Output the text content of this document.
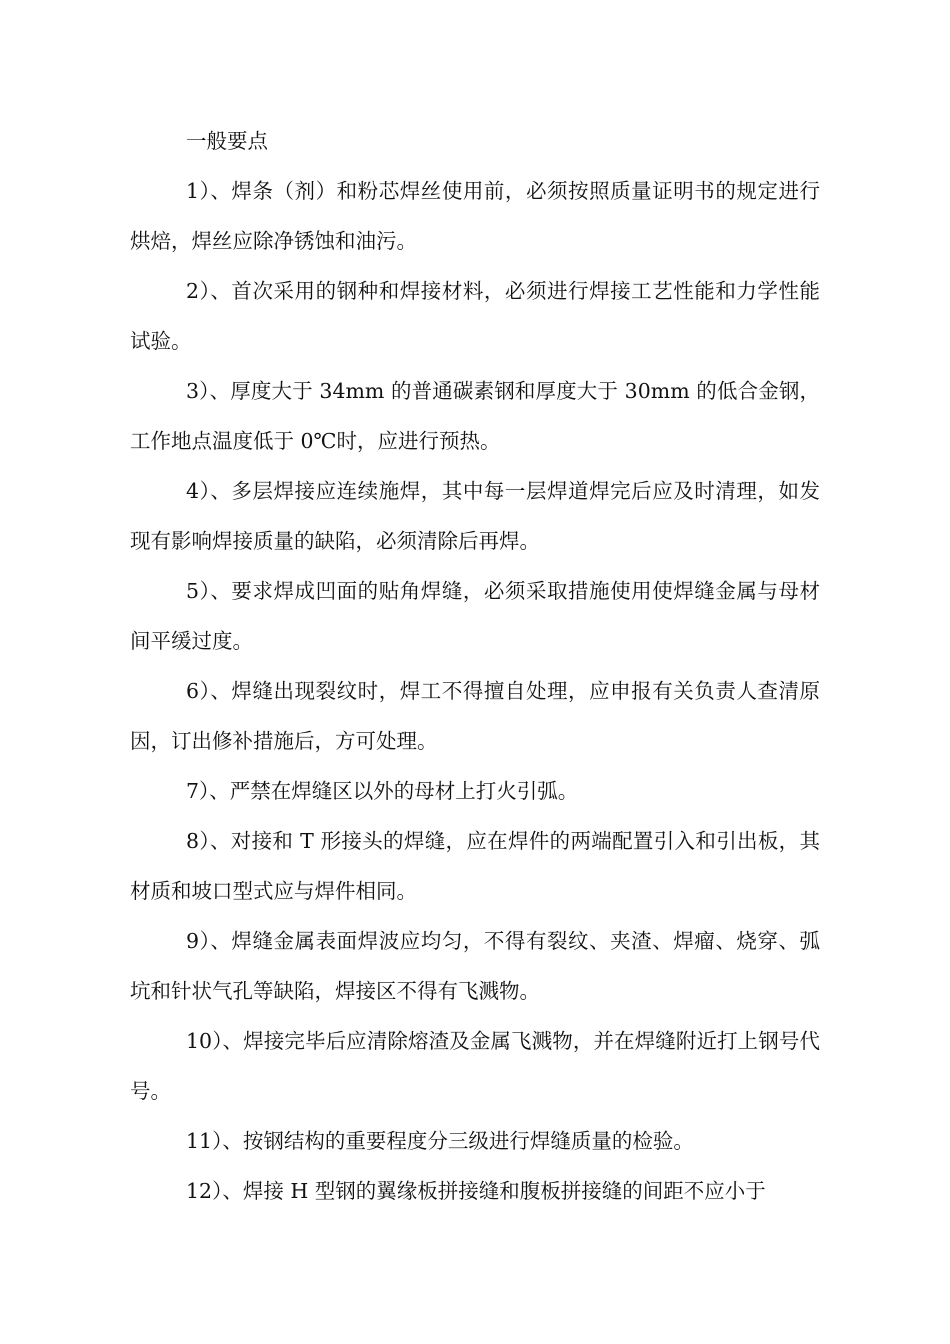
一般要点

1）、焊条（剂）和粉芯焊丝使用前，必须按照质量证明书的规定进行烘焙，焊丝应除净锈蚀和油污。

2）、首次采用的钢种和焊接材料，必须进行焊接工艺性能和力学性能试验。

3）、厚度大于 34mm 的普通碳素钢和厚度大于 30mm 的低合金钢，工作地点温度低于 0℃时，应进行预热。

4）、多层焊接应连续施焊，其中每一层焊道焊完后应及时清理，如发现有影响焊接质量的缺陷，必须清除后再焊。

5）、要求焊成凹面的贴角焊缝，必须采取措施使用使焊缝金属与母材间平缓过度。

6）、焊缝出现裂纹时，焊工不得擅自处理，应申报有关负责人查清原因，订出修补措施后，方可处理。

7）、严禁在焊缝区以外的母材上打火引弧。

8）、对接和 T 形接头的焊缝，应在焊件的两端配置引入和引出板，其材质和坡口型式应与焊件相同。

9）、焊缝金属表面焊波应均匀，不得有裂纹、夹渣、焊瘤、烧穿、弧坑和针状气孔等缺陷，焊接区不得有飞溅物。

10）、焊接完毕后应清除熔渣及金属飞溅物，并在焊缝附近打上钢号代号。

11）、按钢结构的重要程度分三级进行焊缝质量的检验。

12）、焊接 H 型钢的翼缘板拼接缝和腹板拼接缝的间距不应小于
